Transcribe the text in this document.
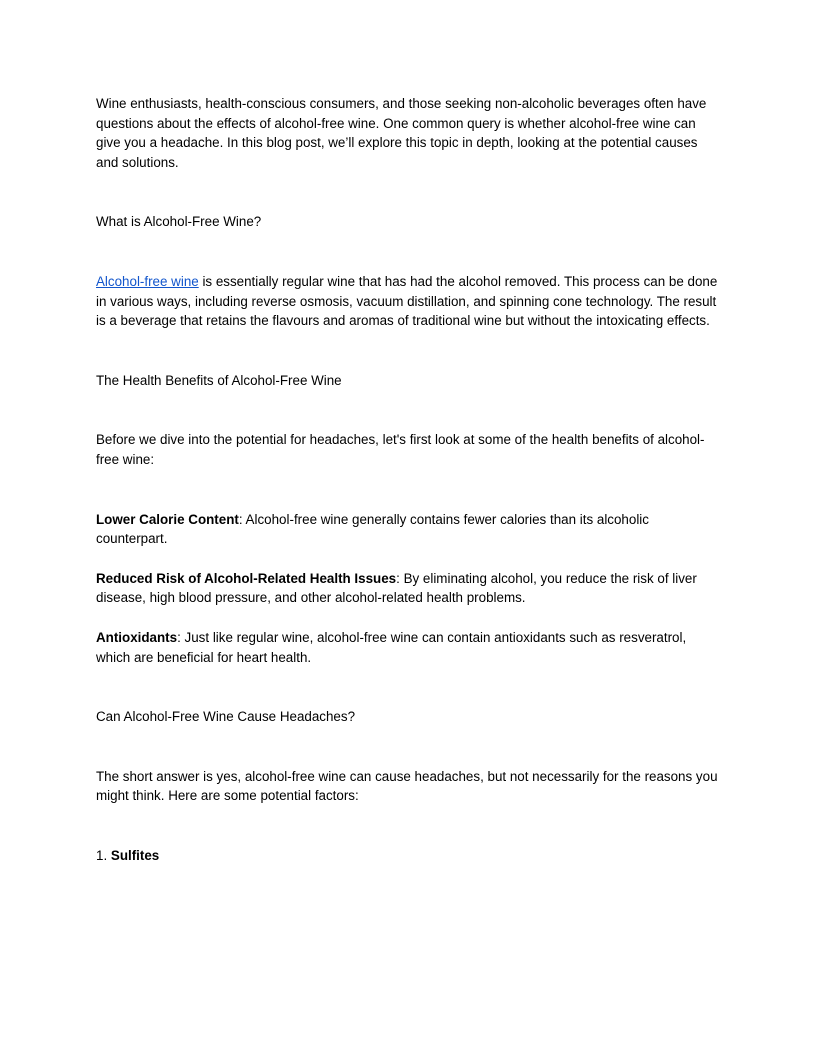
Wine enthusiasts, health-conscious consumers, and those seeking non-alcoholic beverages often have questions about the effects of alcohol-free wine. One common query is whether alcohol-free wine can give you a headache. In this blog post, we’ll explore this topic in depth, looking at the potential causes and solutions.

What is Alcohol-Free Wine?

Alcohol-free wine is essentially regular wine that has had the alcohol removed. This process can be done in various ways, including reverse osmosis, vacuum distillation, and spinning cone technology. The result is a beverage that retains the flavours and aromas of traditional wine but without the intoxicating effects.

The Health Benefits of Alcohol-Free Wine

Before we dive into the potential for headaches, let's first look at some of the health benefits of alcohol-free wine:

Lower Calorie Content: Alcohol-free wine generally contains fewer calories than its alcoholic counterpart.

Reduced Risk of Alcohol-Related Health Issues: By eliminating alcohol, you reduce the risk of liver disease, high blood pressure, and other alcohol-related health problems.

Antioxidants: Just like regular wine, alcohol-free wine can contain antioxidants such as resveratrol, which are beneficial for heart health.

Can Alcohol-Free Wine Cause Headaches?

The short answer is yes, alcohol-free wine can cause headaches, but not necessarily for the reasons you might think. Here are some potential factors:

1. Sulfites
